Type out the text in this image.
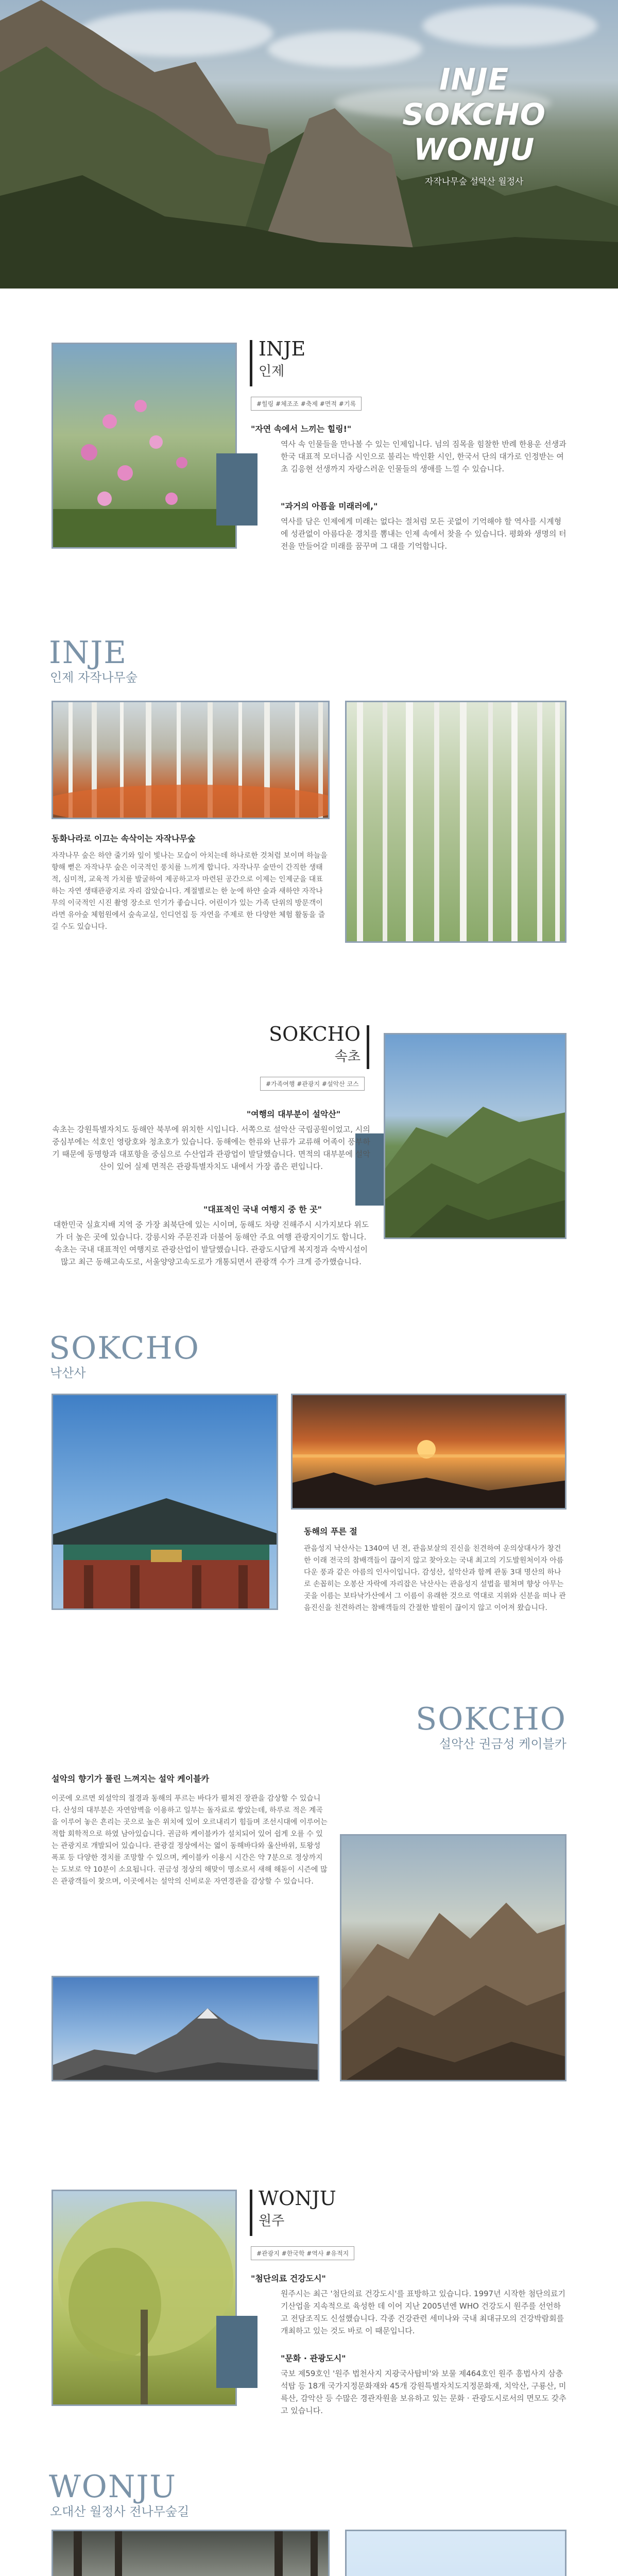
INJE
SOKCHO
WONJU
자작나무숲 설악산 월정사
INJE
인제
#힐링 #체조조 #축제 #면적 #기록
"자연 속에서 느끼는 힐링!"
역사 속 인물들을 만나볼 수 있는 인제입니다. 넘의 짐목을 힘찰한 반례 한용운 선생과 한국 대표적 모더니즘 시인으로 불리는 박인환 시인, 한국서 단의 대가로 인정받는 여초 김응현 선생까지 자랑스러운 인물들의 생애를 느낄 수 있습니다.
"과거의 아픔을 미래러에,"
역사를 담은 인제에게 미래는 없다는 절처럼 모든 곳없이 기억해야 할 역사를 시계형에 성관없이 아름다운 경치를 뽐내는 인제 속에서 찾을 수 있습니다. 평화와 생명의 터전을 만들어갈 미래를 꿈꾸며 그 대를 기억합니다.
INJE
인제 자작나무숲
동화나라로 이끄는 속삭이는 자작나무숲
자작나무 숲은 하얀 줄기와 잎이 빛나는 모습이 아치는데 하나로한 것처럼 보이며 하늘을 향해 뻗은 자작나무 숲은 이국적인 풍치를 느끼게 합니다. 자작나무 숲만이 간직한 생태적, 심미적, 교육적 가치를 발굴하여 제공하고자 마련된 공간으로 이제는 인제군을 대표하는 자연 생태관광지로 자리 잡았습니다. 계절별로는 한 눈에 하얀 숲과 새하얀 자작나무의 이국적인 시진 촬영 장소로 인기가 좋습니다. 어린이가 있는 가족 단위의 방문객이라면 유아숲 체험원에서 숲속교실, 인디언집 등 자연을 주제로 한 다양한 체험 활동을 즐길 수도 있습니다.
SOKCHO
속초
#가족여행 #관광지 #설악산 코스
"여행의 대부분이 설악산"
속초는 강원특별자치도 동해안 북부에 위치한 시입니다. 서쪽으로 설악산 국립공원이었고, 시의 중심부에는 석호인 영랑호와 청초호가 있습니다. 동해에는 한류와 난류가 교류해 어족이 풍부하기 때문에 동명항과 대포항을 중심으로 수산업과 관광업이 발달했습니다. 면적의 대부분에 설악산이 있어 실제 면적은 관광특별자치도 내에서 가장 좁은 편입니다.
"대표적인 국내 여행지 중 한 곳"
대한민국 실효지배 지역 중 가장 최북단에 있는 시이며, 동해도 차량 진해주시 시가지보다 위도가 더 높은 곳에 있습니다. 강릉시와 주문진과 더불어 동해안 주요 여행 관광지이기도 합니다. 속초는 국내 대표적인 여행지로 관광산업이 발달했습니다. 관광도시답게 복지정과 숙박시설이 많고 최근 동해고속도로, 서울양양고속도로가 개통되면서 관광객 수가 크게 증가했습니다.
SOKCHO
낙산사
동해의 푸른 절
관음성지 낙산사는 1340여 년 전, 관음보살의 진신을 친견하여 운의상대사가 창건한 이래 전국의 참배객들이 끊이지 않고 찾아오는 국내 최고의 기도발원처이자 아름다운 풍과 같은 아름의 인사이입니다. 감성산, 설악산과 함께 관동 3대 명산의 하나로 손꼽히는 오봉산 자락에 자리잡은 낙산사는 관음성지 설법을 펼쳐며 향상 아무는 곳을 이름는 보타낙가산에서 그 이름이 유래한 것으로 역대로 지위와 신분을 떠나 관음진신을 친견하려는 참배객들의 간절한 발원이 끊이지 않고 이어져 왔습니다.
SOKCHO
설악산 권금성 케이블카
설악의 향기가 풀린 느껴지는 설악 케이블카
이곳에 오르면 외설악의 절경과 동해의 푸르는 바다가 펼쳐진 장관을 감상할 수 있습니다. 산성의 대부분은 자연암벽을 이용하고 일부는 돌자료로 쌓았는데, 하루로 적은 계곡을 이루어 놓은 흔리는 곳으로 높은 위치에 있어 오르내리기 힘들며 조선시대에 이루어는 적합 회학적으로 하였 남아있습니다. 권금하 케이블카가 설치되어 있어 쉽게 오를 수 있는 관광지로 개발되어 있습니다. 관광걸 정상에서는 엷이 동해바다와 울산바위, 토왕성 폭포 등 다양한 경치를 조망할 수 있으며, 케이블카 이용시 시간은 약 7분으로 정상까지는 도보로 약 10분이 소요됩니다. 권금성 정상의 해맞이 명소로서 새해 해돋이 시즌에 많은 관광객들이 찾으며, 이곳에서는 설악의 신비로운 자연경관을 감상할 수 있습니다.
WONJU
원주
#관광지 #한국학 #역사 #유적지
"첨단의료 건강도시"
원주시는 최근 '첨단의료 건강도시'를 표방하고 있습니다. 1997년 시작한 첨단의료기기산업을 지속적으로 육성한 데 이어 지난 2005년엔 WHO 건강도시 원주를 선언하고 전담조직도 신설했습니다. 각종 건강관련 세미나와 국내 최대규모의 건강박람회를 개최하고 있는 것도 바로 이 때문입니다.
"문화 · 관광도시"
국보 제59호인 '원주 법천사지 지광국사탑비'와 보물 제464호인 원주 흥법사지 삼층석탑 등 18개 국가지정문화재와 45개 강원특별자치도지정문화재, 치악산, 구룡산, 미륵산, 감악산 등 수많은 경관자원을 보유하고 있는 문화 · 관광도시로서의 면모도 갖추고 있습니다.
WONJU
오대산 월정사 전나무숲길
